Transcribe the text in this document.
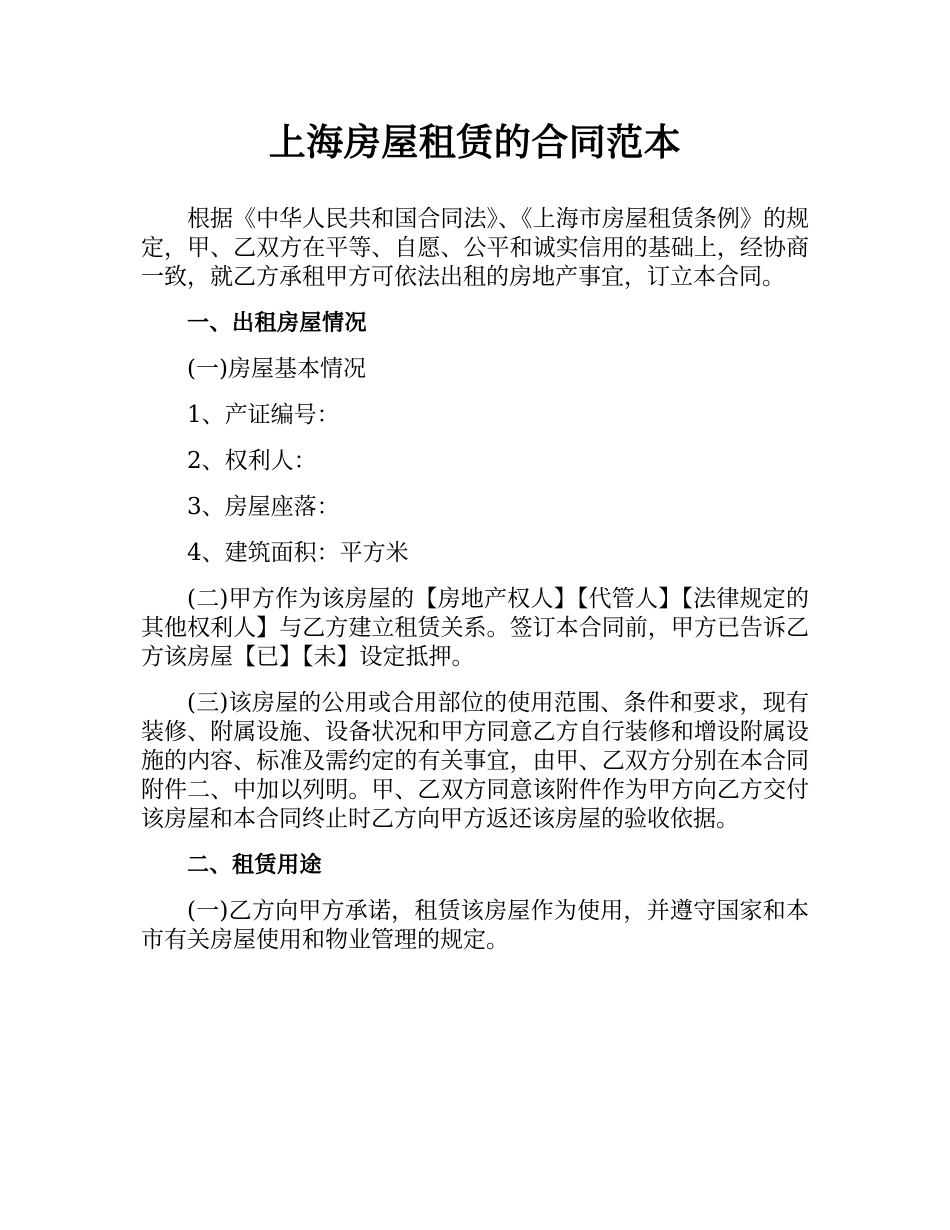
上海房屋租赁的合同范本

根据《中华人民共和国合同法》、《上海市房屋租赁条例》的规定，甲、乙双方在平等、自愿、公平和诚实信用的基础上，经协商一致，就乙方承租甲方可依法出租的房地产事宜，订立本合同。

一、出租房屋情况

(一)房屋基本情况

1、产证编号：

2、权利人：

3、房屋座落：

4、建筑面积：平方米

(二)甲方作为该房屋的【房地产权人】【代管人】【法律规定的其他权利人】与乙方建立租赁关系。签订本合同前，甲方已告诉乙方该房屋【已】【未】设定抵押。

(三)该房屋的公用或合用部位的使用范围、条件和要求，现有装修、附属设施、设备状况和甲方同意乙方自行装修和增设附属设施的内容、标准及需约定的有关事宜，由甲、乙双方分别在本合同附件二、中加以列明。甲、乙双方同意该附件作为甲方向乙方交付该房屋和本合同终止时乙方向甲方返还该房屋的验收依据。

二、租赁用途

(一)乙方向甲方承诺，租赁该房屋作为使用，并遵守国家和本市有关房屋使用和物业管理的规定。
